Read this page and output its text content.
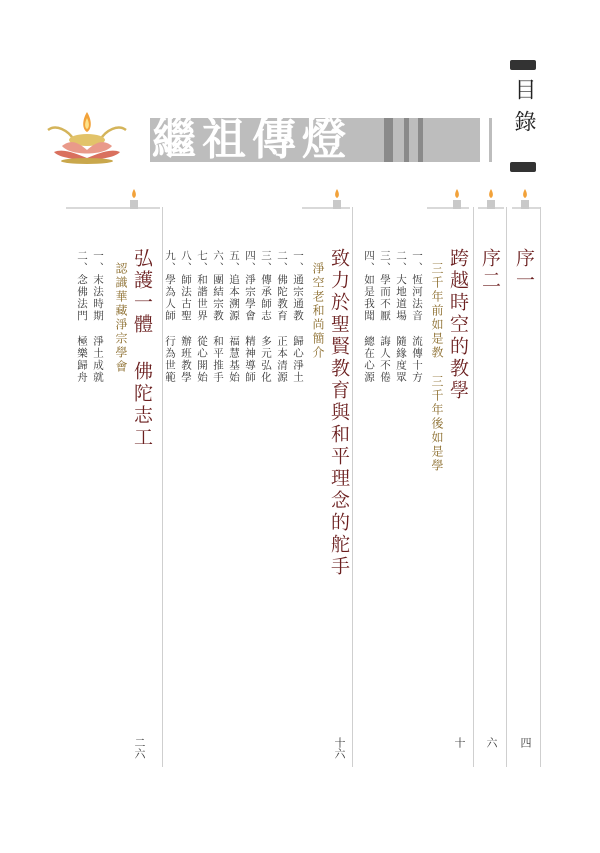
繼祖傳燈	目錄
序一
四
序二
六
跨越時空的教學
三千年前如是教
三千年後如是學
一、恆河法音 流傳十方
二、大地道場 隨緣度眾
三、學而不厭 誨人不倦
四、如是我聞 總在心源
十
致力於聖賢教育與和平理念的舵手
淨空老和尚簡介
一、通宗通教 歸心淨土
二、佛陀教育 正本清源
三、傳承師志 多元弘化
四、淨宗學會 精神導師
五、追本溯源 福慧基始
六、團結宗教 和平推手
七、和諧世界 從心開始
八、師法古聖 辦班教學
九、學為人師 行為世範
十六
弘護一體 佛陀志工
認識華藏淨宗學會
一、末法時期 淨土成就
二、念佛法門 極樂歸舟
二六
